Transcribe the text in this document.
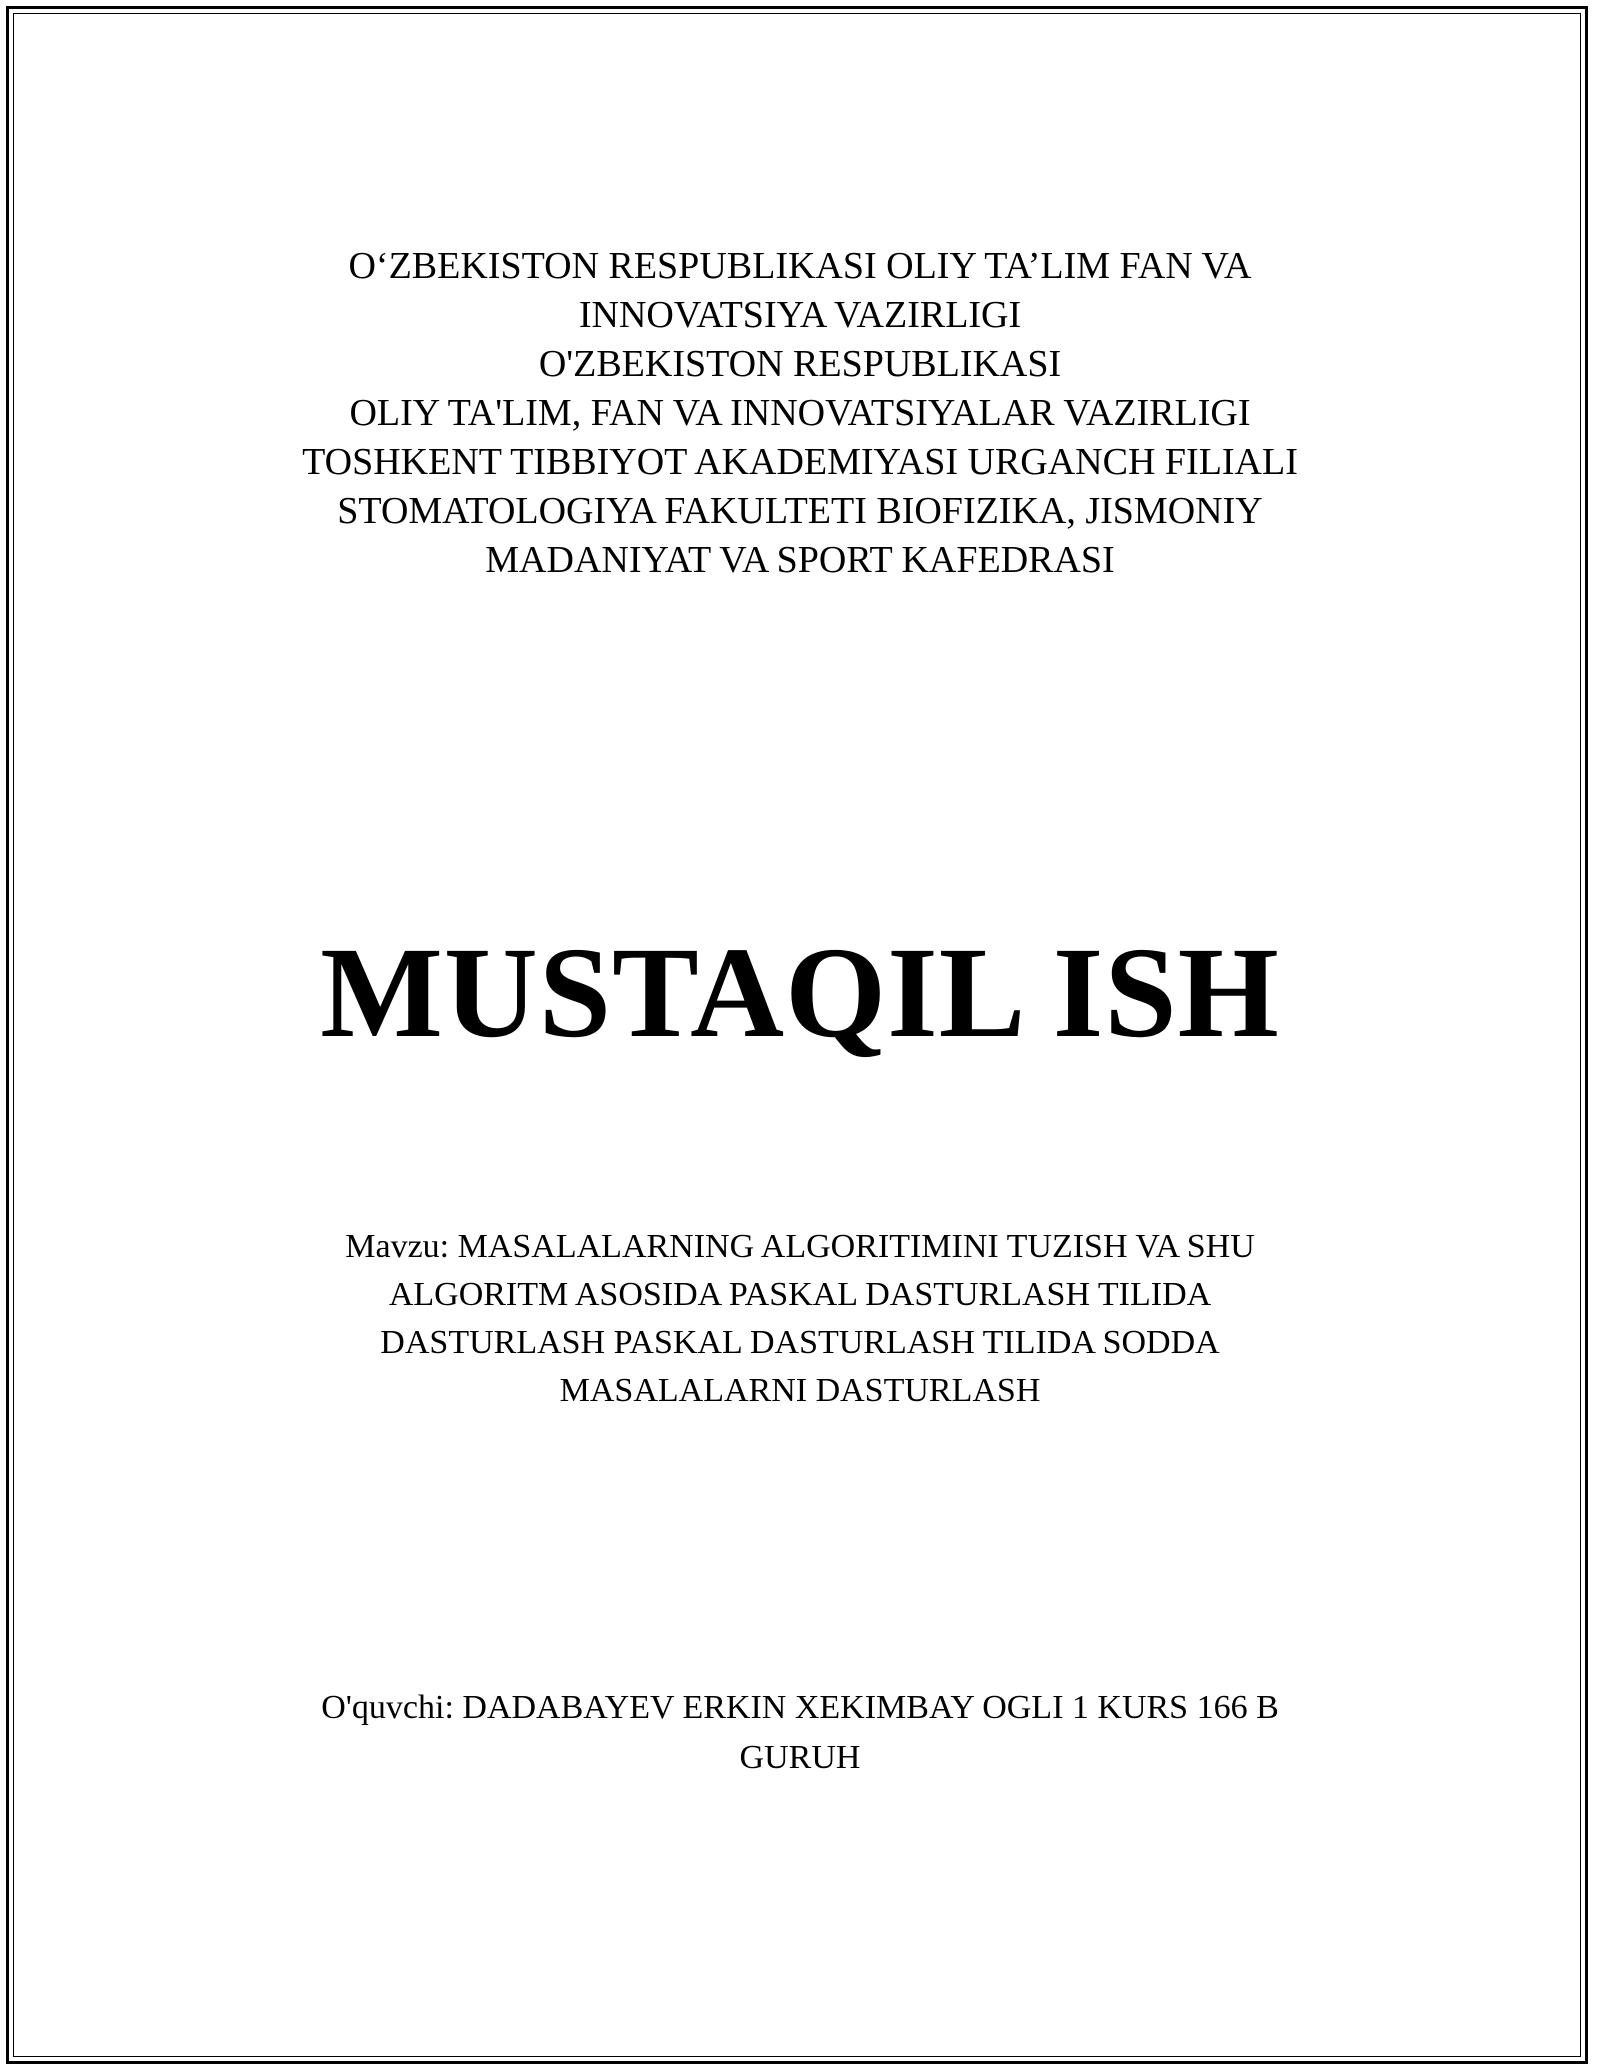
O‘ZBEKISTON RESPUBLIKASI OLIY TA’LIM FAN VA
INNOVATSIYA VAZIRLIGI
O'ZBEKISTON RESPUBLIKASI
OLIY TA'LIM, FAN VA INNOVATSIYALAR VAZIRLIGI
TOSHKENT TIBBIYOT AKADEMIYASI URGANCH FILIALI
STOMATOLOGIYA FAKULTETI BIOFIZIKA, JISMONIY
MADANIYAT VA SPORT KAFEDRASI
MUSTAQIL ISH
Mavzu: MASALALARNING ALGORITIMINI TUZISH VA SHU
ALGORITM ASOSIDA PASKAL DASTURLASH TILIDA
DASTURLASH PASKAL DASTURLASH TILIDA SODDA
MASALALARNI DASTURLASH
O'quvchi: DADABAYEV ERKIN XEKIMBAY OGLI 1 KURS 166 B
GURUH
